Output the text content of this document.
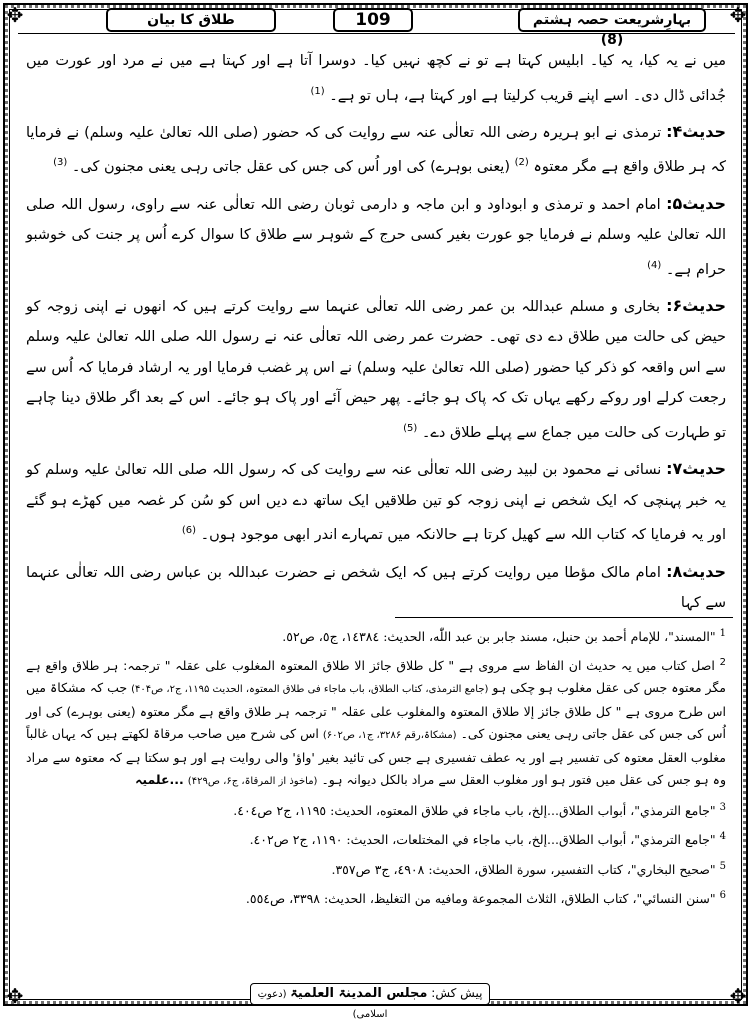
✥	✥
✥	✥
طلاق کا بیان	109	بہارِشریعت حصہ ہشتم (8)

میں نے یہ کیا، یہ کیا۔ ابلیس کہتا ہے تو نے کچھ نہیں کیا۔ دوسرا آتا ہے اور کہتا ہے میں نے مرد اور عورت میں جُدائی ڈال دی۔ اسے اپنے قریب کرلیتا ہے اور کہتا ہے، ہاں تو ہے۔ $^{(1)}$

حدیث۴: ترمذی نے ابو ہریرہ رضی اللہ تعالٰی عنہ سے روایت کی کہ حضور (صلی اللہ تعالیٰ علیہ وسلم) نے فرمایا کہ ہر طلاق واقع ہے مگر معتوہ $^{(2)}$ (یعنی بوہرے) کی اور اُس کی جس کی عقل جاتی رہی یعنی مجنون کی۔ $^{(3)}$

حدیث۵: امام احمد و ترمذی و ابوداود و ابن ماجہ و دارمی ثوبان رضی اللہ تعالٰی عنہ سے راوی، رسول اللہ صلی اللہ تعالیٰ علیہ وسلم نے فرمایا جو عورت بغیر کسی حرج کے شوہر سے طلاق کا سوال کرے اُس پر جنت کی خوشبو حرام ہے۔ $^{(4)}$

حدیث۶: بخاری و مسلم عبداللہ بن عمر رضی اللہ تعالٰی عنہما سے روایت کرتے ہیں کہ انھوں نے اپنی زوجہ کو حیض کی حالت میں طلاق دے دی تھی۔ حضرت عمر رضی اللہ تعالٰی عنہ نے رسول اللہ صلی اللہ تعالیٰ علیہ وسلم سے اس واقعہ کو ذکر کیا حضور (صلی اللہ تعالیٰ علیہ وسلم) نے اس پر غضب فرمایا اور یہ ارشاد فرمایا کہ اُس سے رجعت کرلے اور روکے رکھے یہاں تک کہ پاک ہو جائے۔ پھر حیض آئے اور پاک ہو جائے۔ اس کے بعد اگر طلاق دینا چاہے تو طہارت کی حالت میں جماع سے پہلے طلاق دے۔ $^{(5)}$

حدیث۷: نسائی نے محمود بن لبید رضی اللہ تعالٰی عنہ سے روایت کی کہ رسول اللہ صلی اللہ تعالیٰ علیہ وسلم کو یہ خبر پہنچی کہ ایک شخص نے اپنی زوجہ کو تین طلاقیں ایک ساتھ دے دیں اس کو سُن کر غصہ میں کھڑے ہو گئے اور یہ فرمایا کہ کتاب اللہ سے کھیل کرتا ہے حالانکہ میں تمہارے اندر ابھی موجود ہوں۔ $^{(6)}$

حدیث۸: امام مالک مؤطا میں روایت کرتے ہیں کہ ایک شخص نے حضرت عبداللہ بن عباس رضی اللہ تعالٰی عنہما سے کہا

$^1$ "المسند"، للإمام أحمد بن حنبل، مسند جابر بن عبد اللّٰه، الحديث: ١٤٣٨٤، ج٥، ص٥٢.

$^2$ اصل کتاب میں یہ حدیث ان الفاظ سے مروی ہے " کل طلاق جائز الا طلاق المعتوہ المغلوب علی عقلہ " ترجمہ: ہر طلاق واقع ہے مگر معتوہ جس کی عقل مغلوب ہو چکی ہو (جامع الترمذی، کتاب الطلاق، باب ماجاء فی طلاق المعتوہ، الحدیث ۱۱۹۵، ج۲، ص۴۰۴) جب کہ مشکاۃ میں اس طرح مروی ہے " کل طلاق جائز إلا طلاق المعتوہ والمغلوب علی عقلہ " ترجمہ ہر طلاق واقع ہے مگر معتوہ (یعنی بوہرے) کی اور اُس کی جس کی عقل جاتی رہی یعنی مجنون کی۔ (مشکاۃ،رقم ۳۲۸۶، ج۱، ص۶۰۲) اس کی شرح میں صاحب مرقاۃ لکھتے ہیں کہ یہاں غالباً مغلوب العقل معتوہ کی تفسیر ہے اور یہ عطف تفسیری ہے جس کی تائید بغیر 'واؤ' والی روایت ہے اور ہو سکتا ہے کہ معتوہ سے مراد وہ ہو جس کی عقل میں فتور ہو اور مغلوب العقل سے مراد بالکل دیوانہ ہو۔ (ماخوذ از المرقاۃ، ج۶، ص۴۲۹) ...علمیہ

$^3$ "جامع الترمذي"، أبواب الطلاق...إلخ، باب ماجاء في طلاق المعتوه، الحديث: ١١٩٥، ج٢ ص٤٠٤.

$^4$ "جامع الترمذي"، أبواب الطلاق...إلخ، باب ماجاء في المختلعات، الحديث: ١١٩٠، ج٢ ص٤٠٢.

$^5$ "صحيح البخاري"، كتاب التفسير، سورة الطلاق، الحديث: ٤٩٠٨، ج٣ ص٣٥٧.

$^6$ "سنن النسائي"، كتاب الطلاق، الثلاث المجموعة ومافيه من التغليظ، الحديث: ٣٣٩٨، ص٥٥٤.

پیش کش: مجلس المدینۃ العلمیۃ (دعوتِ اسلامی)
